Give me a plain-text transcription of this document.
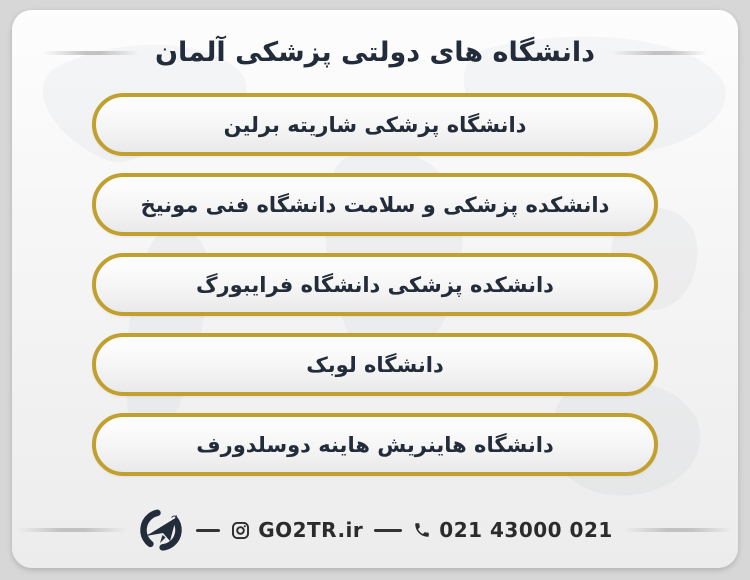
دانشگاه های دولتی پزشکی آلمان
دانشگاه پزشکی شاریته برلین
دانشکده پزشکی و سلامت دانشگاه فنی مونیخ
دانشکده پزشکی دانشگاه فرایبورگ
دانشگاه لوبک
دانشگاه هاینریش هاینه دوسلدورف
GO2TR.ir	021 43000 021
